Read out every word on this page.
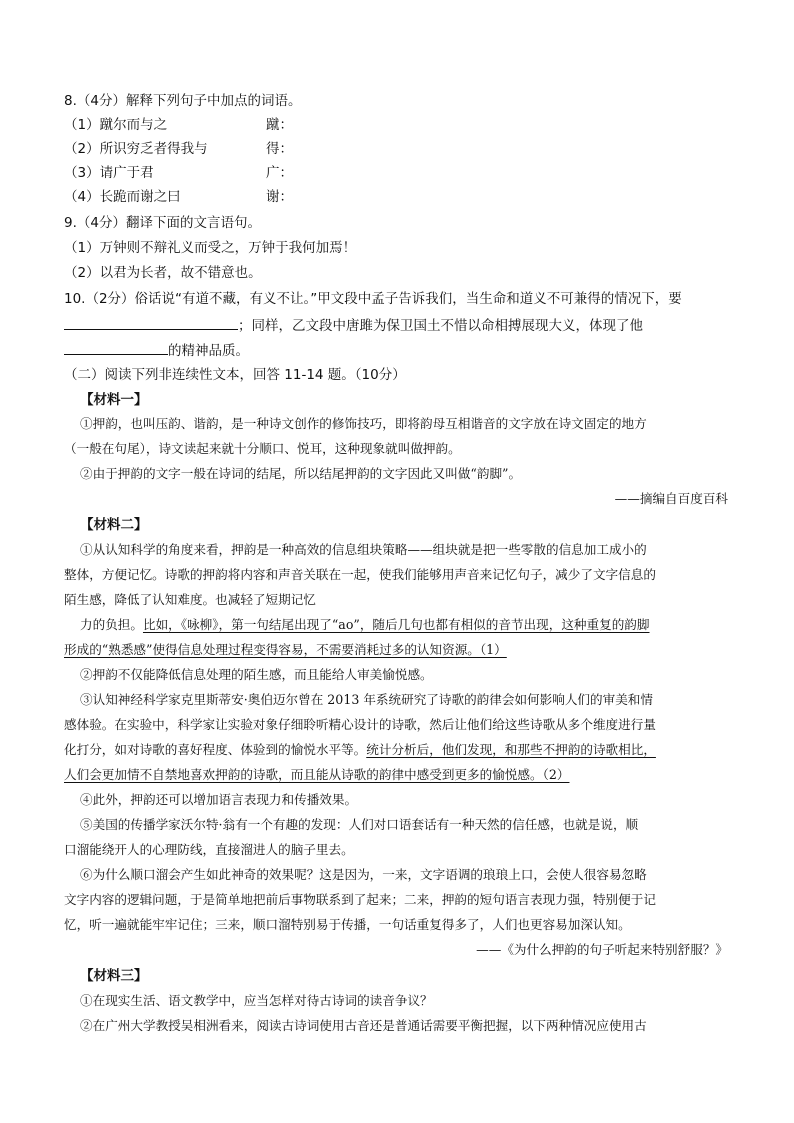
8.（4分）解释下列句子中加点的词语。
（1）蹴尔而与之	蹴：
（2）所识穷乏者得我与	得：
（3）请广于君	广：
（4）长跪而谢之曰	谢：
9.（4分）翻译下面的文言语句。
（1）万钟则不辩礼义而受之，万钟于我何加焉！
（2）以君为长者，故不错意也。
10.（2分）俗话说“有道不藏，有义不让。”甲文段中孟子告诉我们，当生命和道义不可兼得的情况下，要
；同样，乙文段中唐雎为保卫国土不惜以命相搏展现大义，体现了他
的精神品质。
（二）阅读下列非连续性文本，回答 11-14 题。（10分）
【材料一】
①押韵，也叫压韵、谐韵，是一种诗文创作的修饰技巧，即将韵母互相谐音的文字放在诗文固定的地方
（一般在句尾），诗文读起来就十分顺口、悦耳，这种现象就叫做押韵。
②由于押韵的文字一般在诗词的结尾，所以结尾押韵的文字因此又叫做“韵脚”。
——摘编自百度百科
【材料二】
①从认知科学的角度来看，押韵是一种高效的信息组块策略——组块就是把一些零散的信息加工成小的
整体，方便记忆。诗歌的押韵将内容和声音关联在一起，使我们能够用声音来记忆句子，减少了文字信息的
陌生感，降低了认知难度。也减轻了短期记忆
力的负担。比如，《咏柳》，第一句结尾出现了“ao”，随后几句也都有相似的音节出现，这种重复的韵脚
形成的“熟悉感”使得信息处理过程变得容易，不需要消耗过多的认知资源。（1）
②押韵不仅能降低信息处理的陌生感，而且能给人审美愉悦感。
③认知神经科学家克里斯蒂安·奥伯迈尔曾在 2013 年系统研究了诗歌的韵律会如何影响人们的审美和情
感体验。在实验中，科学家让实验对象仔细聆听精心设计的诗歌，然后让他们给这些诗歌从多个维度进行量
化打分，如对诗歌的喜好程度、体验到的愉悦水平等。统计分析后，他们发现，和那些不押韵的诗歌相比，
人们会更加情不自禁地喜欢押韵的诗歌，而且能从诗歌的韵律中感受到更多的愉悦感。（2）
④此外，押韵还可以增加语言表现力和传播效果。
⑤美国的传播学家沃尔特·翁有一个有趣的发现：人们对口语套话有一种天然的信任感，也就是说，顺
口溜能绕开人的心理防线，直接溜进人的脑子里去。
⑥为什么顺口溜会产生如此神奇的效果呢？这是因为，一来，文字语调的琅琅上口，会使人很容易忽略
文字内容的逻辑问题，于是简单地把前后事物联系到了起来；二来，押韵的短句语言表现力强，特别便于记
忆，听一遍就能牢牢记住；三来，顺口溜特别易于传播，一句话重复得多了，人们也更容易加深认知。
——《为什么押韵的句子听起来特别舒服？》
【材料三】
①在现实生活、语文教学中，应当怎样对待古诗词的读音争议？
②在广州大学教授吴相洲看来，阅读古诗词使用古音还是普通话需要平衡把握，以下两种情况应使用古
